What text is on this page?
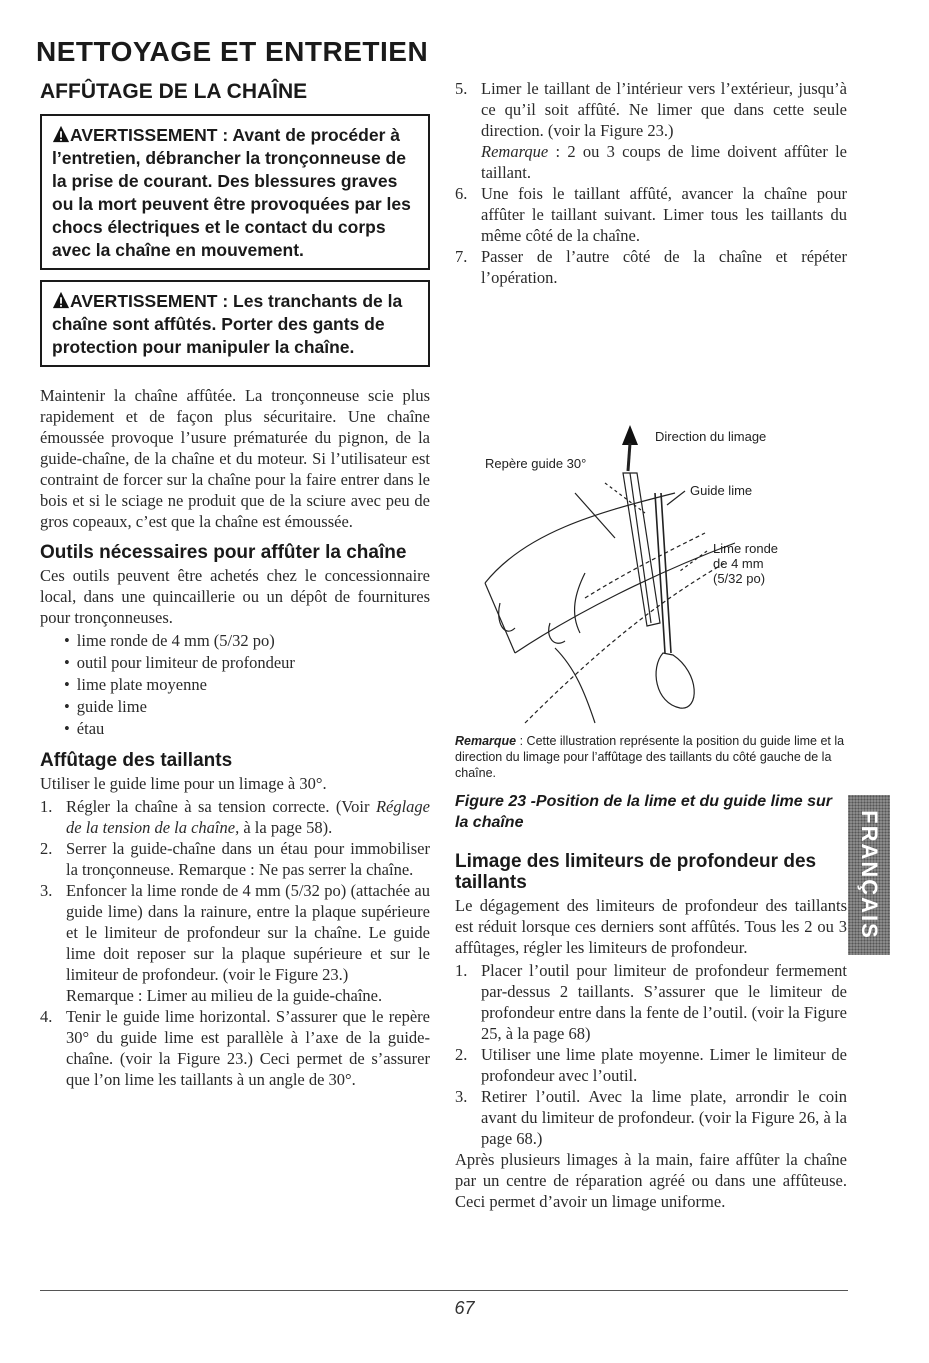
NETTOYAGE ET ENTRETIEN
AFFÛTAGE DE LA CHAÎNE
AVERTISSEMENT : Avant de procéder à l’entretien, débrancher la tronçonneuse de la prise de courant. Des blessures graves ou la mort peuvent être provoquées par les chocs électriques et le contact du corps avec la chaîne en mouvement.
AVERTISSEMENT : Les tranchants de la chaîne sont affûtés. Porter des gants de protection pour manipuler la chaîne.

Maintenir la chaîne affûtée. La tronçonneuse scie plus rapidement et de façon plus sécuritaire. Une chaîne émoussée provoque l’usure prématurée du pignon, de la guide-chaîne, de la chaîne et du moteur. Si l’utilisateur est contraint de forcer sur la chaîne pour la faire entrer dans le bois et si le sciage ne produit que de la sciure avec peu de gros copeaux, c’est que la chaîne est émoussée.

Outils nécessaires pour affûter la chaîne

Ces outils peuvent être achetés chez le concessionnaire local, dans une quincaillerie ou un dépôt de fournitures pour tronçonneuses.

• lime ronde de 4 mm (5/32 po)
• outil pour limiteur de profondeur
• lime plate moyenne
• guide lime
• étau
Affûtage des taillants

Utiliser le guide lime pour un limage à 30°.

1. Régler la chaîne à sa tension correcte. (Voir Réglage de la tension de la chaîne, à la page 58).
2. Serrer la guide-chaîne dans un étau pour immobiliser la tronçonneuse. Remarque : Ne pas serrer la chaîne.
3. Enfoncer la lime ronde de 4 mm (5/32 po) (attachée au guide lime) dans la rainure, entre la plaque supérieure et le limiteur de profondeur sur la chaîne. Le guide lime doit reposer sur la plaque supérieure et sur le limiteur de profondeur. (voir le Figure 23.)
Remarque : Limer au milieu de la guide-chaîne.
4. Tenir le guide lime horizontal. S’assurer que le repère 30° du guide lime est parallèle à l’axe de la guide-chaîne. (voir la Figure 23.) Ceci permet de s’assurer que l’on lime les taillants à un angle de 30°.
5. Limer le taillant de l’intérieur vers l’extérieur, jusqu’à ce qu’il soit affûté. Ne limer que dans cette seule direction. (voir la Figure 23.)
Remarque : 2 ou 3 coups de lime doivent affûter le taillant.
6. Une fois le taillant affûté, avancer la chaîne pour affûter le taillant suivant. Limer tous les taillants du même côté de la chaîne.
7. Passer de l’autre côté de la chaîne et répéter l’opération.
Direction du limage
Repère guide 30°
Guide lime
Lime ronde
de 4 mm
(5/32 po)

Remarque : Cette illustration représente la position du guide lime et la direction du limage pour l’affûtage des taillants du côté gauche de la chaîne.

Figure 23 -Position de la lime et du guide lime sur la chaîne

Limage des limiteurs de profondeur des taillants

Le dégagement des limiteurs de profondeur des taillants est réduit lorsque ces derniers sont affûtés. Tous les 2 ou 3 affûtages, régler les limiteurs de profondeur.

1. Placer l’outil pour limiteur de profondeur fermement par-dessus 2 taillants. S’assurer que le limiteur de profondeur entre dans la fente de l’outil. (voir la Figure 25, à la page 68)
2. Utiliser une lime plate moyenne. Limer le limiteur de profondeur avec l’outil.
3. Retirer l’outil. Avec la lime plate, arrondir le coin avant du limiteur de profondeur. (voir la Figure 26, à la page 68.)

Après plusieurs limages à la main, faire affûter la chaîne par un centre de réparation agréé ou dans une affûteuse. Ceci permet d’avoir un limage uniforme.

FRANÇAIS
67
